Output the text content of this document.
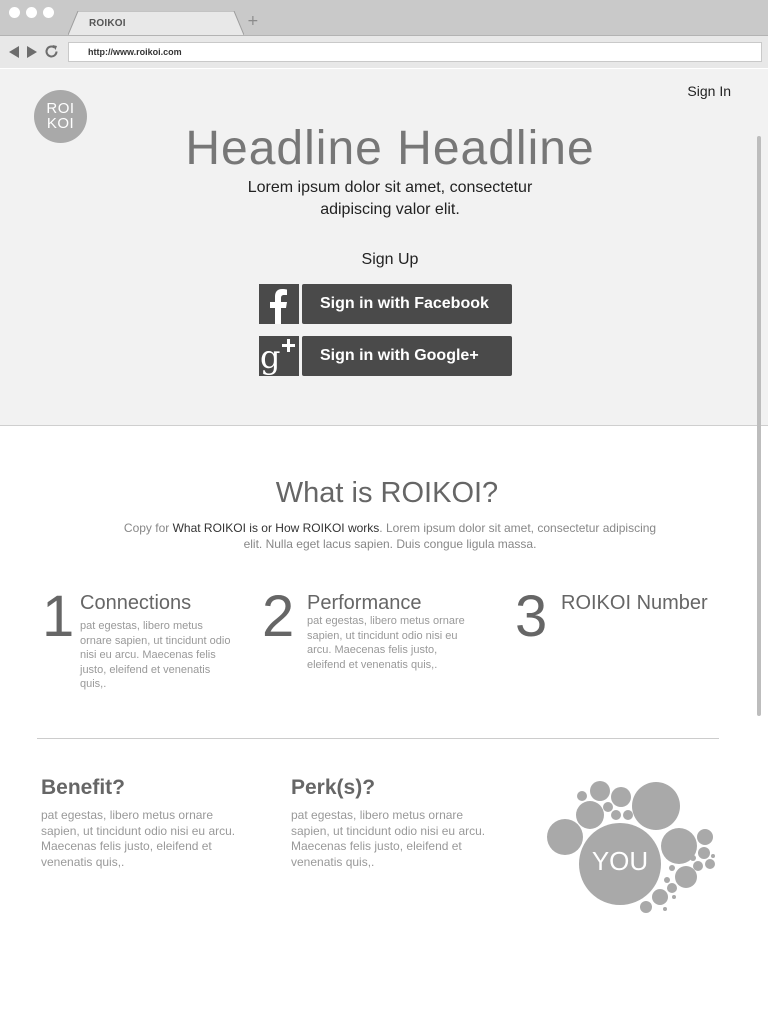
ROIKOI	+
http://www.roikoi.com
ROI
KOI
Sign In
Headline Headline
Lorem ipsum dolor sit amet, consectetur
adipiscing valor elit.
Sign Up
Sign in with Facebook
g	Sign in with Google+
What is ROIKOI?

Copy for What ROIKOI is or How ROIKOI works. Lorem ipsum dolor sit amet, consectetur adipiscing elit. Nulla eget lacus sapien. Duis congue ligula massa.

1 Connections

pat egestas, libero metus ornare sapien, ut tincidunt odio nisi eu arcu. Maecenas felis justo, eleifend et venenatis quis,.

2 Performance

pat egestas, libero metus ornare sapien, ut tincidunt odio nisi eu arcu. Maecenas felis justo, eleifend et venenatis quis,.

3 ROIKOI Number

Benefit?

pat egestas, libero metus ornare sapien, ut tincidunt odio nisi eu arcu. Maecenas felis justo, eleifend et venenatis quis,.

Perk(s)?

pat egestas, libero metus ornare sapien, ut tincidunt odio nisi eu arcu. Maecenas felis justo, eleifend et venenatis quis,.	YOU
